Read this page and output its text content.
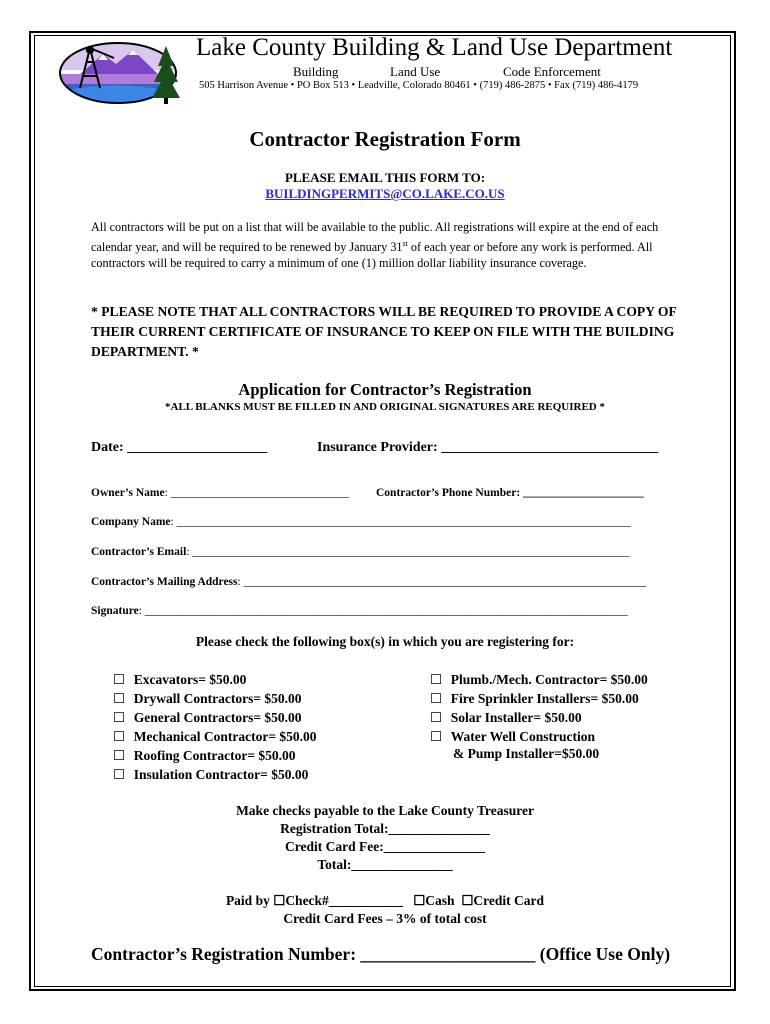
Lake County Building & Land Use Department
Building	Land Use	Code Enforcement
505 Harrison Avenue • PO Box 513 • Leadville, Colorado 80461 • (719) 486-2875 • Fax (719) 486-4179
Contractor Registration Form
PLEASE EMAIL THIS FORM TO:
BUILDINGPERMITS@CO.LAKE.CO.US
All contractors will be put on a list that will be available to the public. All registrations will expire at the end of each calendar year, and will be required to be renewed by January 31st of each year or before any work is performed. All contractors will be required to carry a minimum of one (1) million dollar liability insurance coverage.
* PLEASE NOTE THAT ALL CONTRACTORS WILL BE REQUIRED TO PROVIDE A COPY OF THEIR CURRENT CERTIFICATE OF INSURANCE TO KEEP ON FILE WITH THE BUILDING DEPARTMENT. *
Application for Contractor’s Registration
*ALL BLANKS MUST BE FILLED IN AND ORIGINAL SIGNATURES ARE REQUIRED *
Date: ____________________	Insurance Provider: _______________________________
Owner’s Name: _______________________________ Contractor’s Phone Number: _____________________
Company Name: _______________________________________________________________________________
Contractor’s Email: ____________________________________________________________________________
Contractor’s Mailing Address: ______________________________________________________________________
Signature: ____________________________________________________________________________________
Please check the following box(s) in which you are registering for:
☐ Excavators= $50.00
☐ Drywall Contractors= $50.00
☐ General Contractors= $50.00
☐ Mechanical Contractor= $50.00
☐ Roofing Contractor= $50.00
☐ Insulation Contractor= $50.00
☐ Plumb./Mech. Contractor= $50.00
☐ Fire Sprinkler Installers= $50.00
☐ Solar Installer= $50.00
☐ Water Well Construction
& Pump Installer=$50.00
Make checks payable to the Lake County Treasurer
Registration Total:_______________
Credit Card Fee:_______________
Total:_______________
Paid by ☐Check#___________ ☐Cash ☐Credit Card
Credit Card Fees – 3% of total cost
Contractor’s Registration Number: ____________________ (Office Use Only)
